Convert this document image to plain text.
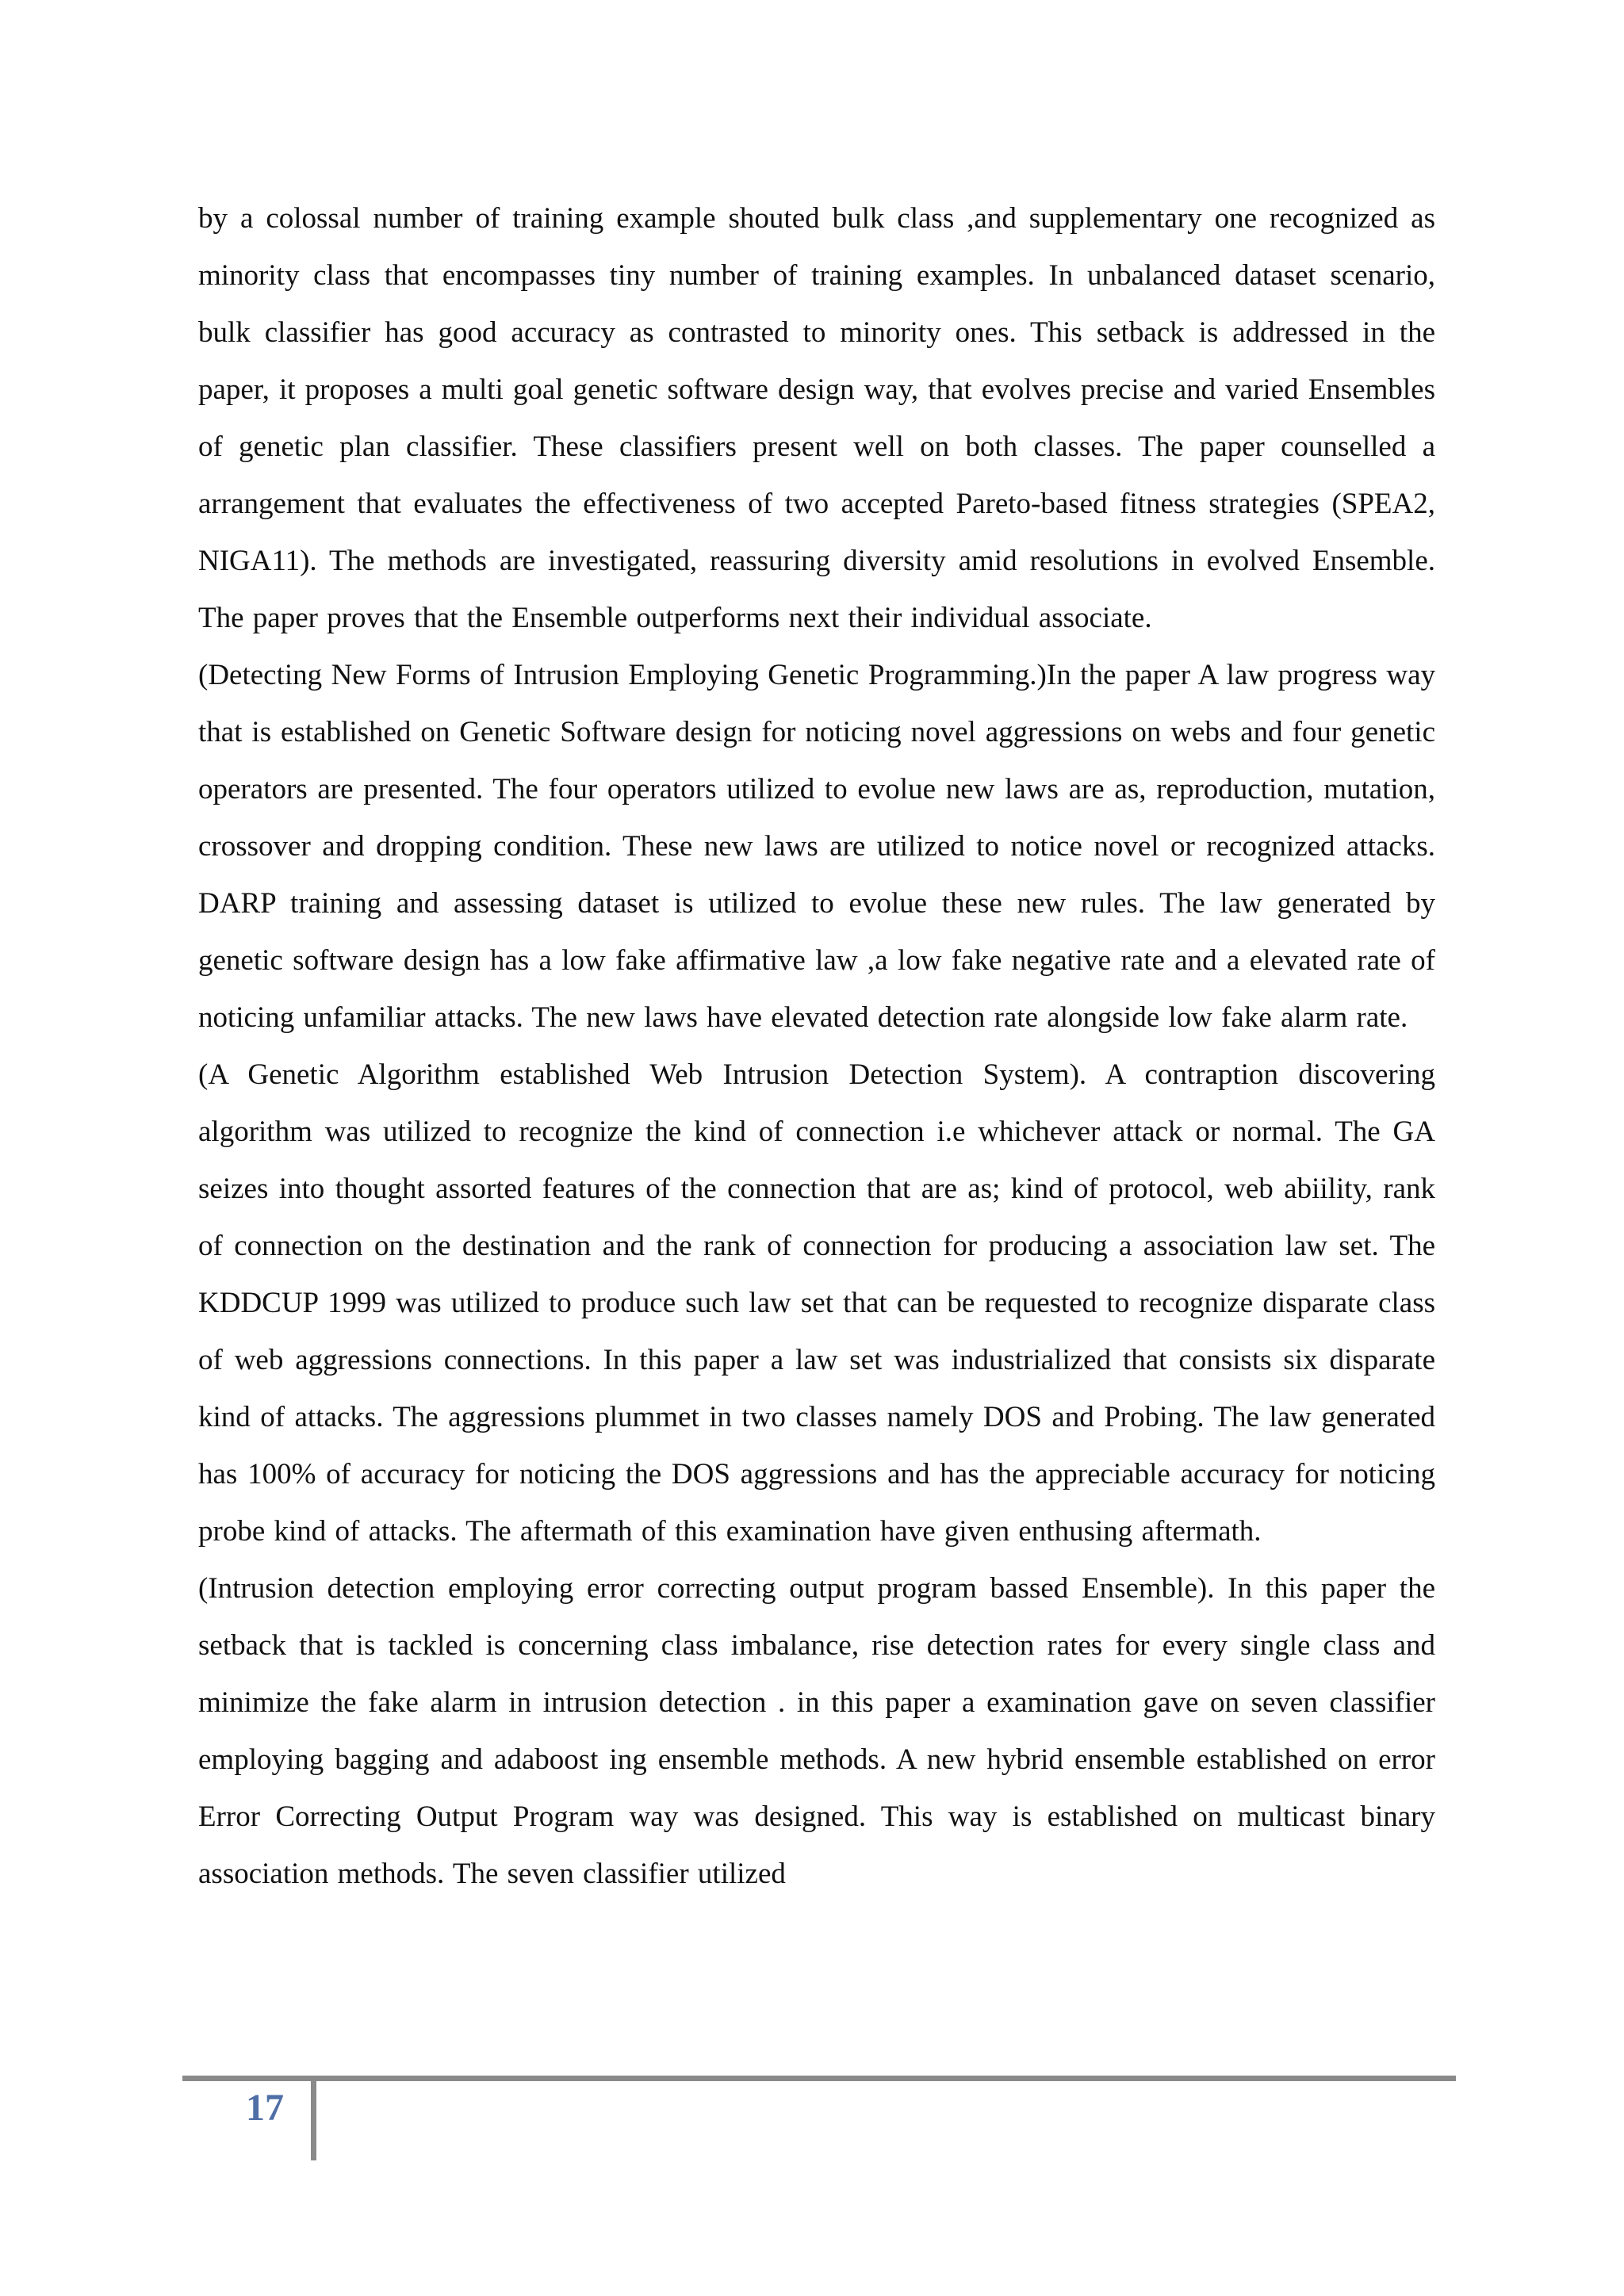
by a colossal number of training example shouted bulk class ,and supplementary one recognized as minority class that encompasses tiny number of training examples. In unbalanced dataset scenario, bulk classifier has good accuracy as contrasted to minority ones. This setback is addressed in the paper, it proposes a multi goal genetic software design way, that evolves precise and varied Ensembles of genetic plan classifier. These classifiers present well on both classes. The paper counselled a arrangement that evaluates the effectiveness of two accepted Pareto-based fitness strategies (SPEA2, NIGA11). The methods are investigated, reassuring diversity amid resolutions in evolved Ensemble. The paper proves that the Ensemble outperforms next their individual associate.

(Detecting New Forms of Intrusion Employing Genetic Programming.)In the paper A law progress way that is established on Genetic Software design for noticing novel aggressions on webs and four genetic operators are presented. The four operators utilized to evolue new laws are as, reproduction, mutation, crossover and dropping condition. These new laws are utilized to notice novel or recognized attacks. DARP training and assessing dataset is utilized to evolue these new rules. The law generated by genetic software design has a low fake affirmative law ,a low fake negative rate and a elevated rate of noticing unfamiliar attacks. The new laws have elevated detection rate alongside low fake alarm rate.

(A Genetic Algorithm established Web Intrusion Detection System). A contraption discovering algorithm was utilized to recognize the kind of connection i.e whichever attack or normal. The GA seizes into thought assorted features of the connection that are as; kind of protocol, web abiility, rank of connection on the destination and the rank of connection for producing a association law set. The KDDCUP 1999 was utilized to produce such law set that can be requested to recognize disparate class of web aggressions connections. In this paper a law set was industrialized that consists six disparate kind of attacks. The aggressions plummet in two classes namely DOS and Probing. The law generated has 100% of accuracy for noticing the DOS aggressions and has the appreciable accuracy for noticing probe kind of attacks. The aftermath of this examination have given enthusing aftermath.

(Intrusion detection employing error correcting output program bassed Ensemble). In this paper the setback that is tackled is concerning class imbalance, rise detection rates for every single class and minimize the fake alarm in intrusion detection . in this paper a examination gave on seven classifier employing bagging and adaboost ing ensemble methods. A new hybrid ensemble established on error Error Correcting Output Program way was designed. This way is established on multicast binary association methods. The seven classifier utilized

17
